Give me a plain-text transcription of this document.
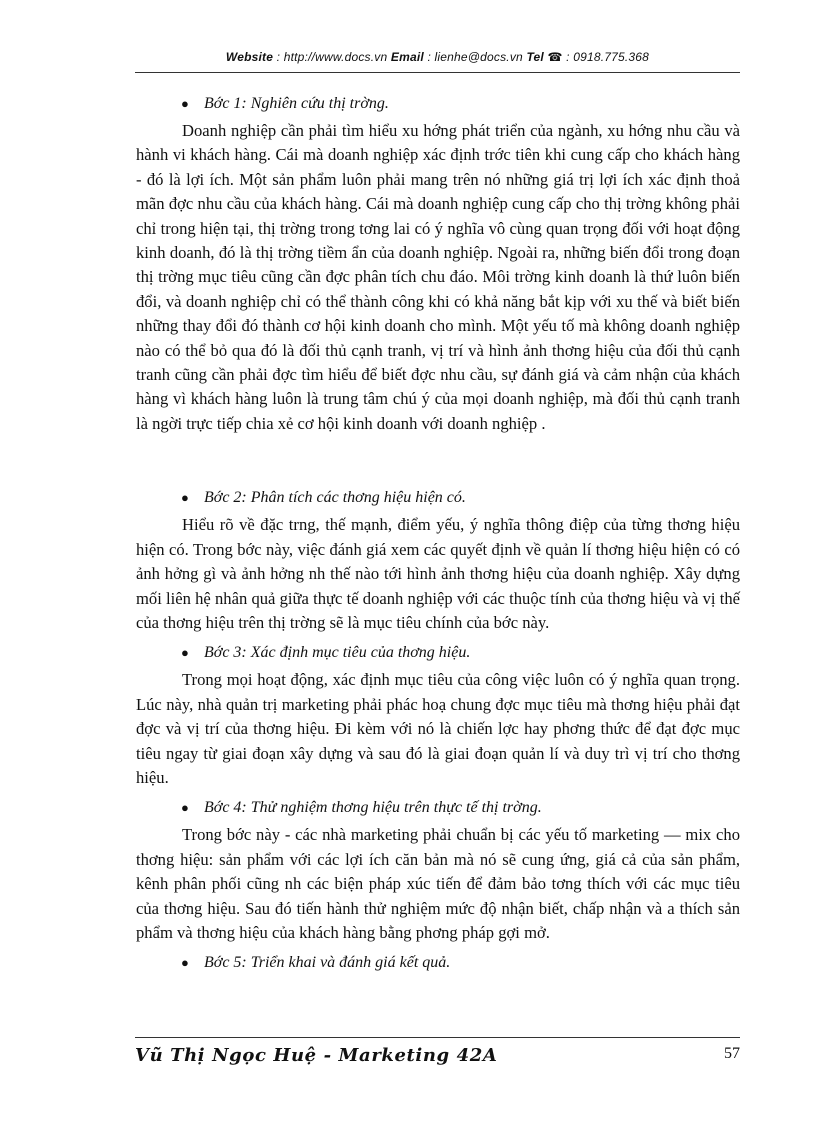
Website : http://www.docs.vn Email : lienhe@docs.vn Tel ☎ : 0918.775.368

● Bớc 1: Nghiên cứu thị trờng.

Doanh nghiệp cần phải tìm hiểu xu hớng phát triển của ngành, xu hớng nhu cầu và hành vi khách hàng. Cái mà doanh nghiệp xác định trớc tiên khi cung cấp cho khách hàng - đó là lợi ích. Một sản phẩm luôn phải mang trên nó những giá trị lợi ích xác định thoả mãn đợc nhu cầu của khách hàng. Cái mà doanh nghiệp cung cấp cho thị trờng không phải chỉ trong hiện tại, thị trờng trong tơng lai có ý nghĩa vô cùng quan trọng đối với hoạt động kinh doanh, đó là thị trờng tiềm ẩn của doanh nghiệp. Ngoài ra, những biến đổi trong đoạn thị trờng mục tiêu cũng cần đợc phân tích chu đáo. Môi trờng kinh doanh là thứ luôn biến đổi, và doanh nghiệp chỉ có thể thành công khi có khả năng bắt kịp với xu thế và biết biến những thay đổi đó thành cơ hội kinh doanh cho mình. Một yếu tố mà không doanh nghiệp nào có thể bỏ qua đó là đối thủ cạnh tranh, vị trí và hình ảnh thơng hiệu của đối thủ cạnh tranh cũng cần phải đợc tìm hiểu để biết đợc nhu cầu, sự đánh giá và cảm nhận của khách hàng vì khách hàng luôn là trung tâm chú ý của mọi doanh nghiệp, mà đối thủ cạnh tranh là ngời trực tiếp chia xẻ cơ hội kinh doanh với doanh nghiệp .

● Bớc 2: Phân tích các thơng hiệu hiện có.

Hiểu rõ về đặc trng, thế mạnh, điểm yếu, ý nghĩa thông điệp của từng thơng hiệu hiện có. Trong bớc này, việc đánh giá xem các quyết định về quản lí thơng hiệu hiện có có ảnh hởng gì và ảnh hởng nh thế nào tới hình ảnh thơng hiệu của doanh nghiệp. Xây dựng mối liên hệ nhân quả giữa thực tế doanh nghiệp với các thuộc tính của thơng hiệu và vị thế của thơng hiệu trên thị trờng sẽ là mục tiêu chính của bớc này.

● Bớc 3: Xác định mục tiêu của thơng hiệu.

Trong mọi hoạt động, xác định mục tiêu của công việc luôn có ý nghĩa quan trọng. Lúc này, nhà quản trị marketing phải phác hoạ chung đợc mục tiêu mà thơng hiệu phải đạt đợc và vị trí của thơng hiệu. Đi kèm với nó là chiến lợc hay phơng thức để đạt đợc mục tiêu ngay từ giai đoạn xây dựng và sau đó là giai đoạn quản lí và duy trì vị trí cho thơng hiệu.

● Bớc 4: Thử nghiệm thơng hiệu trên thực tế thị trờng.

Trong bớc này - các nhà marketing phải chuẩn bị các yếu tố marketing — mix cho thơng hiệu: sản phẩm với các lợi ích căn bản mà nó sẽ cung ứng, giá cả của sản phẩm, kênh phân phối cũng nh các biện pháp xúc tiến để đảm bảo tơng thích với các mục tiêu của thơng hiệu. Sau đó tiến hành thử nghiệm mức độ nhận biết, chấp nhận và a thích sản phẩm và thơng hiệu của khách hàng bằng phơng pháp gợi mở.

● Bớc 5: Triển khai và đánh giá kết quả.

Vũ Thị Ngọc Huệ - Marketing 42A	57
